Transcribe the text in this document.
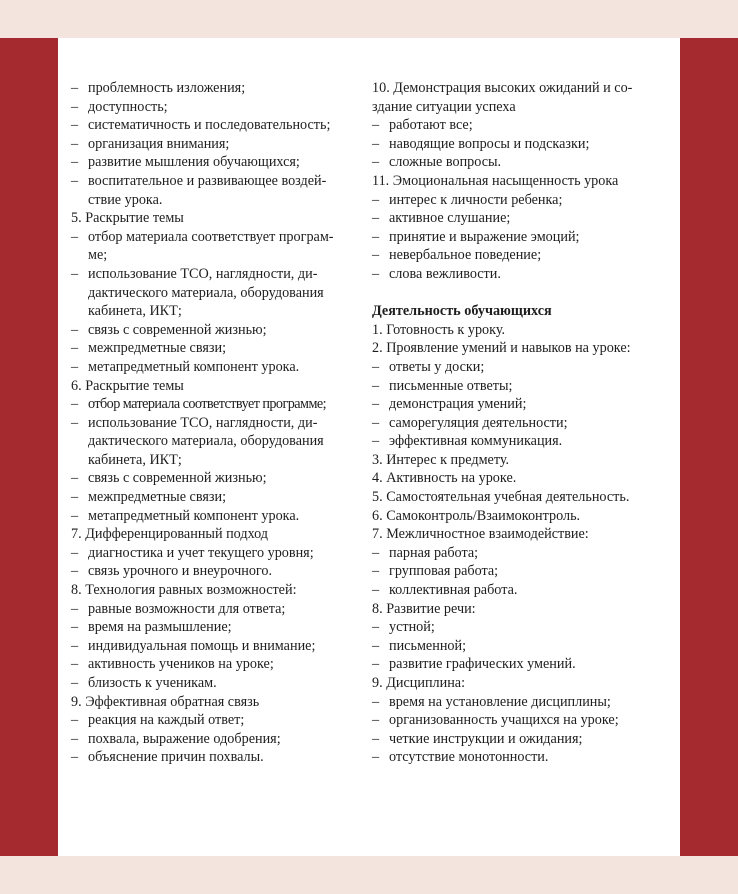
– проблемность изложения;
– доступность;
– систематичность и последовательность;
– организация внимания;
– развитие мышления обучающихся;
– воспитательное и развивающее воздей-
ствие урока.
5. Раскрытие темы
– отбор материала соответствует програм-
ме;
– использование ТСО, наглядности, ди-
дактического материала, оборудования
кабинета, ИКТ;
– связь с современной жизнью;
– межпредметные связи;
– метапредметный компонент урока.
6. Раскрытие темы
– отбор материала соответствует программе;
– использование ТСО, наглядности, ди-
дактического материала, оборудования
кабинета, ИКТ;
– связь с современной жизнью;
– межпредметные связи;
– метапредметный компонент урока.
7. Дифференцированный подход
– диагностика и учет текущего уровня;
– связь урочного и внеурочного.
8. Технология равных возможностей:
– равные возможности для ответа;
– время на размышление;
– индивидуальная помощь и внимание;
– активность учеников на уроке;
– близость к ученикам.
9. Эффективная обратная связь
– реакция на каждый ответ;
– похвала, выражение одобрения;
– объяснение причин похвалы.
10. Демонстрация высоких ожиданий и со-
здание ситуации успеха
– работают все;
– наводящие вопросы и подсказки;
– сложные вопросы.
11. Эмоциональная насыщенность урока
– интерес к личности ребенка;
– активное слушание;
– принятие и выражение эмоций;
– невербальное поведение;
– слова вежливости.
Деятельность обучающихся
1. Готовность к уроку.
2. Проявление умений и навыков на уроке:
– ответы у доски;
– письменные ответы;
– демонстрация умений;
– саморегуляция деятельности;
– эффективная коммуникация.
3. Интерес к предмету.
4. Активность на уроке.
5. Самостоятельная учебная деятельность.
6. Самоконтроль/Взаимоконтроль.
7. Межличностное взаимодействие:
– парная работа;
– групповая работа;
– коллективная работа.
8. Развитие речи:
– устной;
– письменной;
– развитие графических умений.
9. Дисциплина:
– время на установление дисциплины;
– организованность учащихся на уроке;
– четкие инструкции и ожидания;
– отсутствие монотонности.
